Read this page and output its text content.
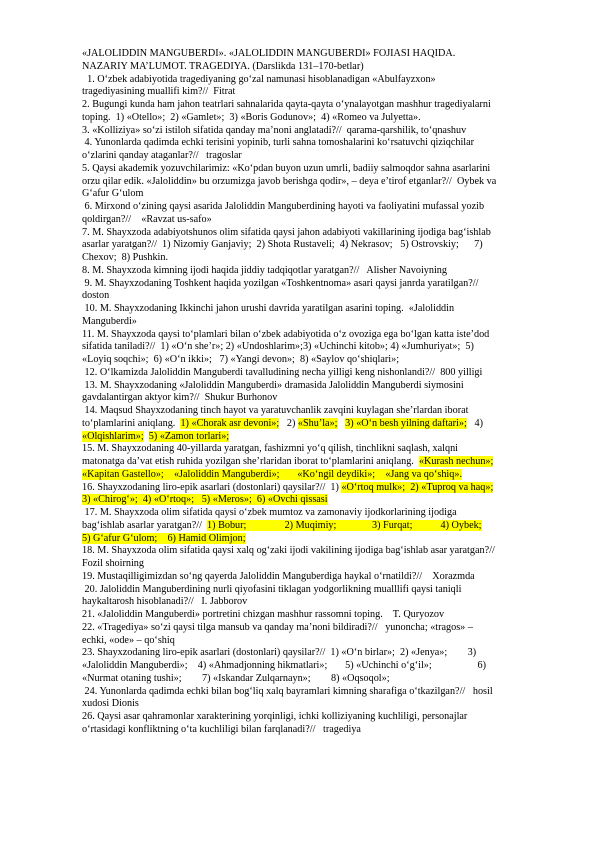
«JALOLIDDIN MANGUBERDI». «JALOLIDDIN MANGUBERDI» FOJIASI HAQIDA.
NAZARIY MA’LUMOT. TRAGEDIYA. (Darslikda 131–170-betlar)
1. O‘zbek adabiyotida tragediyaning go‘zal namunasi hisoblanadigan «Abulfayzxon»
tragediyasining muallifi kim?//  Fitrat
2. Bugungi kunda ham jahon teatrlari sahnalarida qayta-qayta o‘ynalayotgan mashhur tragediyalarni
toping.  1) «Otello»;  2) «Gamlet»;  3) «Boris Godunov»;  4) «Romeo va Julyetta».
3. «Kolliziya» so‘zi istiloh sifatida qanday ma’noni anglatadi?//  qarama-qarshilik, to‘qnashuv
4. Yunonlarda qadimda echki terisini yopinib, turli sahna tomoshalarini ko‘rsatuvchi qiziqchilar
o‘zlarini qanday ataganlar?//   tragoslar
5. Qaysi akademik yozuvchilarimiz: «Ko‘pdan buyon uzun umrli, badiiy salmoqdor sahna asarlarini
orzu qilar edik. «Jaloliddin» bu orzumizga javob berishga qodir», – deya e’tirof etganlar?//  Oybek va
G‘afur G‘ulom
6. Mirxond o‘zining qaysi asarida Jaloliddin Manguberdining hayoti va faoliyatini mufassal yozib
qoldirgan?//    «Ravzat us-safo»
7. M. Shayxzoda adabiyotshunos olim sifatida qaysi jahon adabiyoti vakillarining ijodiga bag‘ishlab
asarlar yaratgan?//  1) Nizomiy Ganjaviy;  2) Shota Rustaveli;  4) Nekrasov;   5) Ostrovskiy;      7)
Chexov;  8) Pushkin.
8. M. Shayxzoda kimning ijodi haqida jiddiy tadqiqotlar yaratgan?//   Alisher Navoiyning
9. M. Shayxzodaning Toshkent haqida yozilgan «Toshkentnoma» asari qaysi janrda yaratilgan?//
doston
10. M. Shayxzodaning Ikkinchi jahon urushi davrida yaratilgan asarini toping.  «Jaloliddin
Manguberdi»
11. M. Shayxzoda qaysi to‘plamlari bilan o‘zbek adabiyotida o‘z ovoziga ega bo‘lgan katta iste’dod
sifatida taniladi?//  1) «O‘n she’r»; 2) «Undoshlarim»;3) «Uchinchi kitob»; 4) «Jumhuriyat»;  5)
«Loyiq soqchi»;  6) «O‘n ikki»;   7) «Yangi devon»;  8) «Saylov qo‘shiqlari»;
12. O‘lkamizda Jaloliddin Manguberdi tavalludining necha yilligi keng nishonlandi?//  800 yilligi
13. M. Shayxzodaning «Jaloliddin Manguberdi» dramasida Jaloliddin Manguberdi siymosini
gavdalantirgan aktyor kim?//  Shukur Burhonov
14. Maqsud Shayxzodaning tinch hayot va yaratuvchanlik zavqini kuylagan she’rlardan iborat
to‘plamlarini aniqlang.  1) «Chorak asr devoni»;   2) «Shu’la»; 3) «O‘n besh yilning daftari»;   4)
«Olqishlarim»; 5) «Zamon torlari»;
15. M. Shayxzodaning 40-yillarda yaratgan, fashizmni yo‘q qilish, tinchlikni saqlash, xalqni
matonatga da’vat etish ruhida yozilgan she’rlaridan iborat to‘plamlarini aniqlang.  «Kurash nechun»;
«Kapitan Gastello»;    «Jaloliddin Manguberdi»;       «Ko‘ngil deydiki»;    «Jang va qo‘shiq».
16. Shayxzodaning liro-epik asarlari (dostonlari) qaysilar?//  1) «O‘rtoq mulk»;  2) «Tuproq va haq»;
3) «Chirog‘»;  4) «O‘rtoq»;   5) «Meros»;  6) «Ovchi qissasi
17. M. Shayxzoda olim sifatida qaysi o‘zbek mumtoz va zamonaviy ijodkorlarining ijodiga
bag‘ishlab asarlar yaratgan?//  1) Bobur;               2) Muqimiy;              3) Furqat;           4) Oybek;
5) G‘afur G‘ulom;    6) Hamid Olimjon;
18. M. Shayxzoda olim sifatida qaysi xalq og‘zaki ijodi vakilining ijodiga bag‘ishlab asar yaratgan?//
Fozil shoirning
19. Mustaqilligimizdan so‘ng qayerda Jaloliddin Manguberdiga haykal o‘rnatildi?//    Xorazmda
20. Jaloliddin Manguberdining nurli qiyofasini tiklagan yodgorlikning mualllifi qaysi taniqli
haykaltarosh hisoblanadi?//   I. Jabborov
21. «Jaloliddin Manguberdi» portretini chizgan mashhur rassomni toping.    T. Quryozov
22. «Tragediya» so‘zi qaysi tilga mansub va qanday ma’noni bildiradi?//   yunoncha; «tragos» –
echki, «ode» – qo‘shiq
23. Shayxzodaning liro-epik asarlari (dostonlari) qaysilar?//  1) «O‘n birlar»;  2) «Jenya»;        3)
«Jaloliddin Manguberdi»;    4) «Ahmadjonning hikmatlari»;       5) «Uchinchi o‘g‘il»;                  6)
«Nurmat otaning tushi»;        7) «Iskandar Zulqarnayn»;        8) «Oqsoqol»;
24. Yunonlarda qadimda echki bilan bog‘liq xalq bayramlari kimning sharafiga o‘tkazilgan?//   hosil
xudosi Dionis
26. Qaysi asar qahramonlar xarakterining yorqinligi, ichki kolliziyaning kuchliligi, personajlar
o‘rtasidagi konfliktning o‘ta kuchliligi bilan farqlanadi?//   tragediya
